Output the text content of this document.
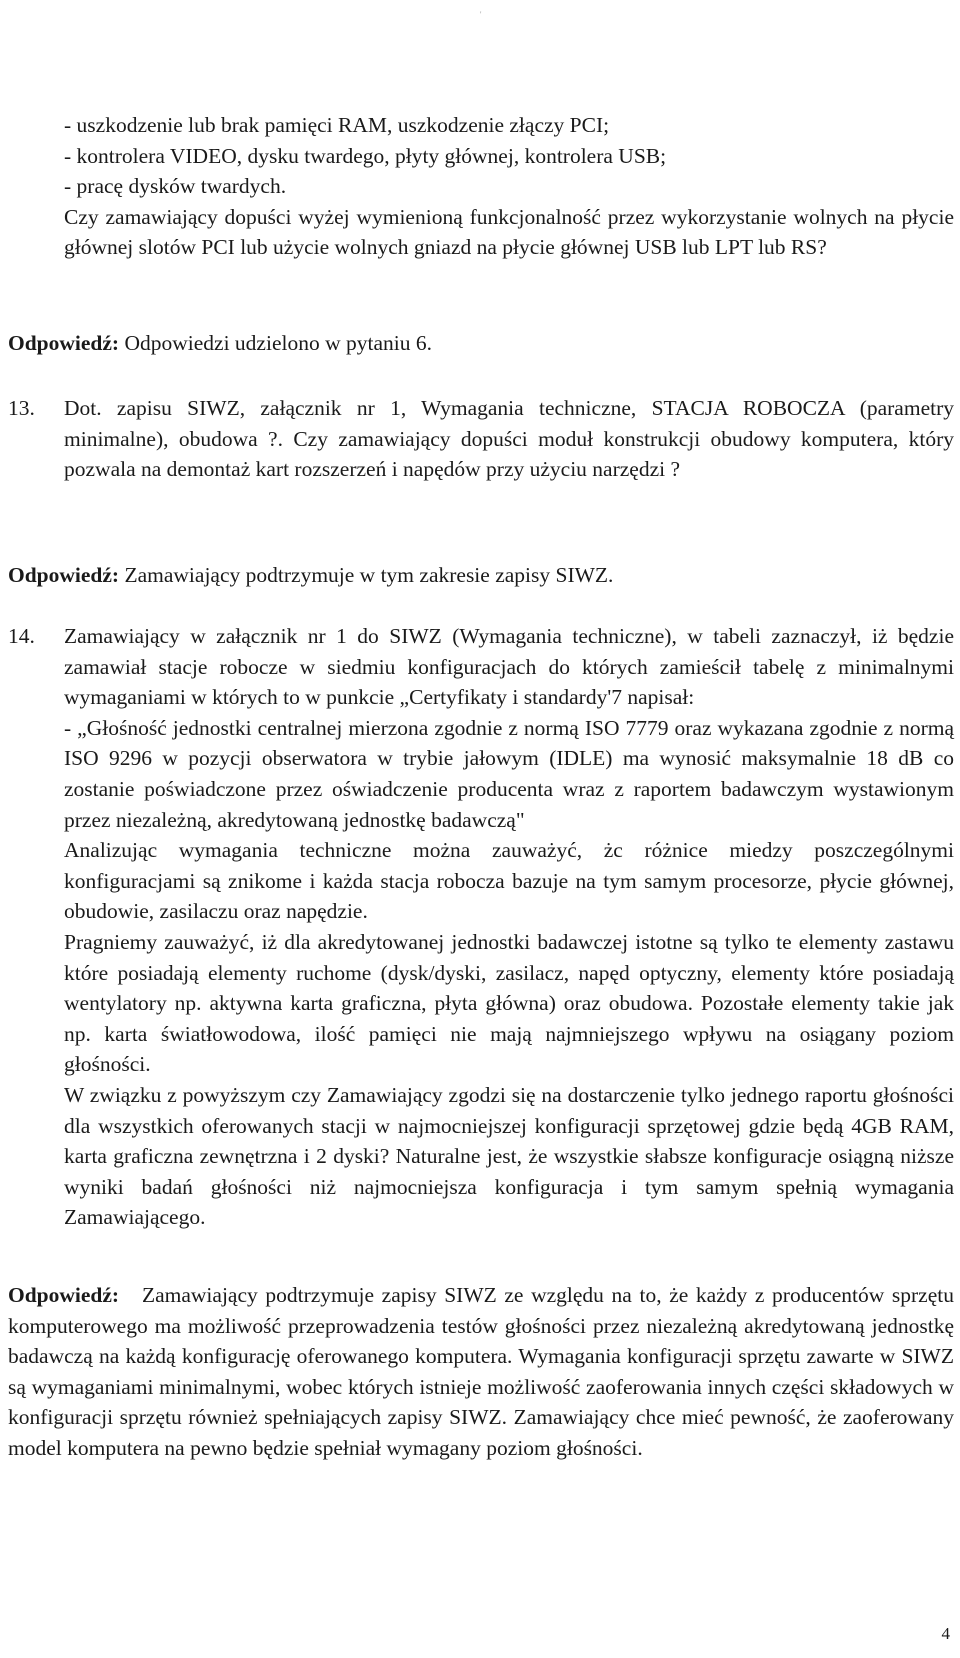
'
- uszkodzenie lub brak pamięci RAM, uszkodzenie złączy PCI;
- kontrolera VIDEO, dysku twardego, płyty głównej, kontrolera USB;
- pracę dysków twardych.
Czy zamawiający dopuści wyżej wymienioną funkcjonalność przez wykorzystanie wolnych na płycie głównej slotów PCI lub użycie wolnych gniazd na płycie głównej USB lub LPT lub RS?
Odpowiedź: Odpowiedzi udzielono w pytaniu 6.
13. Dot. zapisu SIWZ, załącznik nr 1, Wymagania techniczne, STACJA ROBOCZA (parametry minimalne), obudowa ?. Czy zamawiający dopuści moduł konstrukcji obudowy komputera, który pozwala na demontaż kart rozszerzeń i napędów przy użyciu narzędzi ?
Odpowiedź: Zamawiający podtrzymuje w tym zakresie zapisy SIWZ.
14. Zamawiający w załącznik nr 1 do SIWZ (Wymagania techniczne), w tabeli zaznaczył, iż będzie zamawiał stacje robocze w siedmiu konfiguracjach do których zamieścił tabelę z minimalnymi wymaganiami w których to w punkcie „Certyfikaty i standardy'7 napisał:
- „Głośność jednostki centralnej mierzona zgodnie z normą ISO 7779 oraz wykazana zgodnie z normą ISO 9296 w pozycji obserwatora w trybie jałowym (IDLE) ma wynosić maksymalnie 18 dB co zostanie poświadczone przez oświadczenie producenta wraz z raportem badawczym wystawionym przez niezależną, akredytowaną jednostkę badawczą"
Analizując wymagania techniczne można zauważyć, żc różnice miedzy poszczególnymi konfiguracjami są znikome i każda stacja robocza bazuje na tym samym procesorze, płycie głównej, obudowie, zasilaczu oraz napędzie.
Pragniemy zauważyć, iż dla akredytowanej jednostki badawczej istotne są tylko te elementy zastawu które posiadają elementy ruchome (dysk/dyski, zasilacz, napęd optyczny, elementy które posiadają wentylatory np. aktywna karta graficzna, płyta główna) oraz obudowa. Pozostałe elementy takie jak np. karta światłowodowa, ilość pamięci nie mają najmniejszego wpływu na osiągany poziom głośności.
W związku z powyższym czy Zamawiający zgodzi się na dostarczenie tylko jednego raportu głośności dla wszystkich oferowanych stacji w najmocniejszej konfiguracji sprzętowej gdzie będą 4GB RAM, karta graficzna zewnętrzna i 2 dyski? Naturalne jest, że wszystkie słabsze konfiguracje osiągną niższe wyniki badań głośności niż najmocniejsza konfiguracja i tym samym spełnią wymagania Zamawiającego.
Odpowiedź: Zamawiający podtrzymuje zapisy SIWZ ze względu na to, że każdy z producentów sprzętu komputerowego ma możliwość przeprowadzenia testów głośności przez niezależną akredytowaną jednostkę badawczą na każdą konfigurację oferowanego komputera. Wymagania konfiguracji sprzętu zawarte w SIWZ są wymaganiami minimalnymi, wobec których istnieje możliwość zaoferowania innych części składowych w konfiguracji sprzętu również spełniających zapisy SIWZ. Zamawiający chce mieć pewność, że zaoferowany model komputera na pewno będzie spełniał wymagany poziom głośności.
4
